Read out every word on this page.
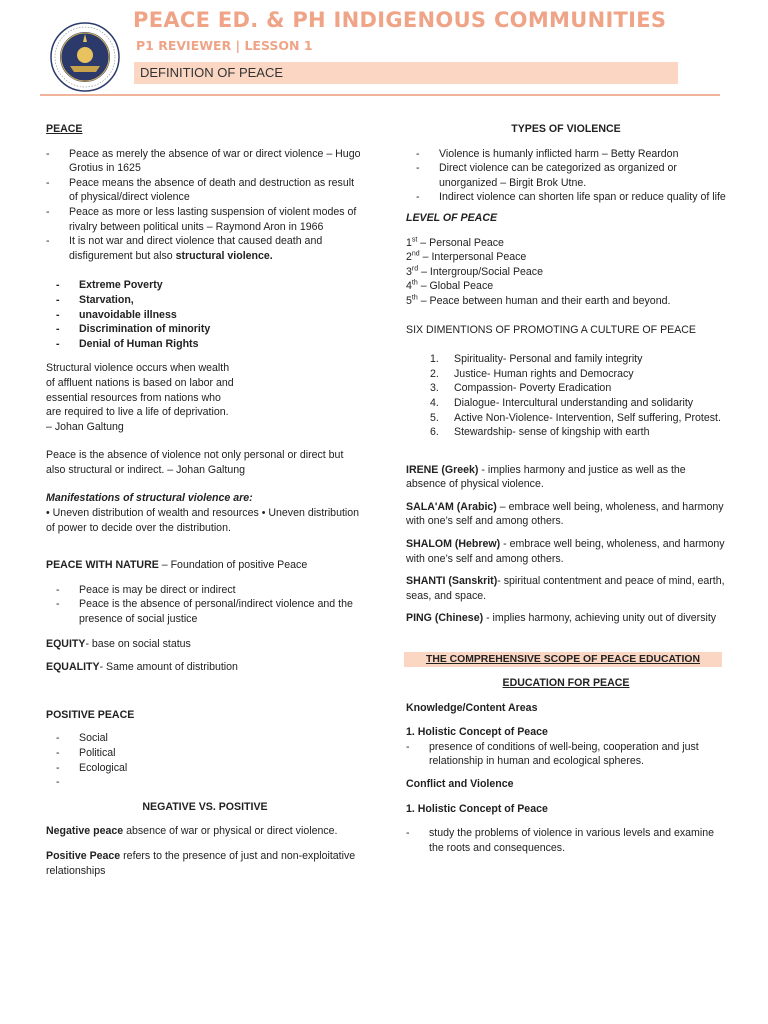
PEACE ED. & PH INDIGENOUS COMMUNITIES
P1 REVIEWER | LESSON 1
DEFINITION OF PEACE

PEACE

- Peace as merely the absence of war or direct violence – Hugo Grotius in 1625
- Peace means the absence of death and destruction as result of physical/direct violence
- Peace as more or less lasting suspension of violent modes of rivalry between political units – Raymond Aron in 1966
- It is not war and direct violence that caused death and disfigurement but also structural violence.
- Extreme Poverty
- Starvation,
- unavoidable illness
- Discrimination of minority
- Denial of Human Rights

Structural violence occurs when wealth

of affluent nations is based on labor and

essential resources from nations who

are required to live a life of deprivation.

– Johan Galtung

Peace is the absence of violence not only personal or direct but also structural or indirect. – Johan Galtung

Manifestations of structural violence are:

• Uneven distribution of wealth and resources • Uneven distribution of power to decide over the distribution.

PEACE WITH NATURE – Foundation of positive Peace

- Peace is may be direct or indirect
- Peace is the absence of personal/indirect violence and the presence of social justice

EQUITY- base on social status

EQUALITY- Same amount of distribution

POSITIVE PEACE

- Social
- Political
- Ecological
-

NEGATIVE VS. POSITIVE

Negative peace absence of war or physical or direct violence.

Positive Peace refers to the presence of just and non-exploitative relationships

TYPES OF VIOLENCE

- Violence is humanly inflicted harm – Betty Reardon
- Direct violence can be categorized as organized or unorganized – Birgit Brok Utne.
- Indirect violence can shorten life span or reduce quality of life

LEVEL OF PEACE

1st – Personal Peace

2nd – Interpersonal Peace

3rd – Intergroup/Social Peace

4th – Global Peace

5th – Peace between human and their earth and beyond.

SIX DIMENTIONS OF PROMOTING A CULTURE OF PEACE

1. Spirituality- Personal and family integrity
2. Justice- Human rights and Democracy
3. Compassion- Poverty Eradication
4. Dialogue- Intercultural understanding and solidarity
5. Active Non-Violence- Intervention, Self suffering, Protest.
6. Stewardship- sense of kingship with earth

IRENE (Greek) - implies harmony and justice as well as the absence of physical violence.

SALA'AM (Arabic) – embrace well being, wholeness, and harmony with one’s self and among others.

SHALOM (Hebrew) - embrace well being, wholeness, and harmony with one’s self and among others.

SHANTI (Sanskrit)- spiritual contentment and peace of mind, earth, seas, and space.

PING (Chinese) - implies harmony, achieving unity out of diversity

THE COMPREHENSIVE SCOPE OF PEACE EDUCATION

EDUCATION FOR PEACE

Knowledge/Content Areas

1. Holistic Concept of Peace

- presence of conditions of well-being, cooperation and just relationship in human and ecological spheres.

Conflict and Violence

1. Holistic Concept of Peace

- study the problems of violence in various levels and examine the roots and consequences.
